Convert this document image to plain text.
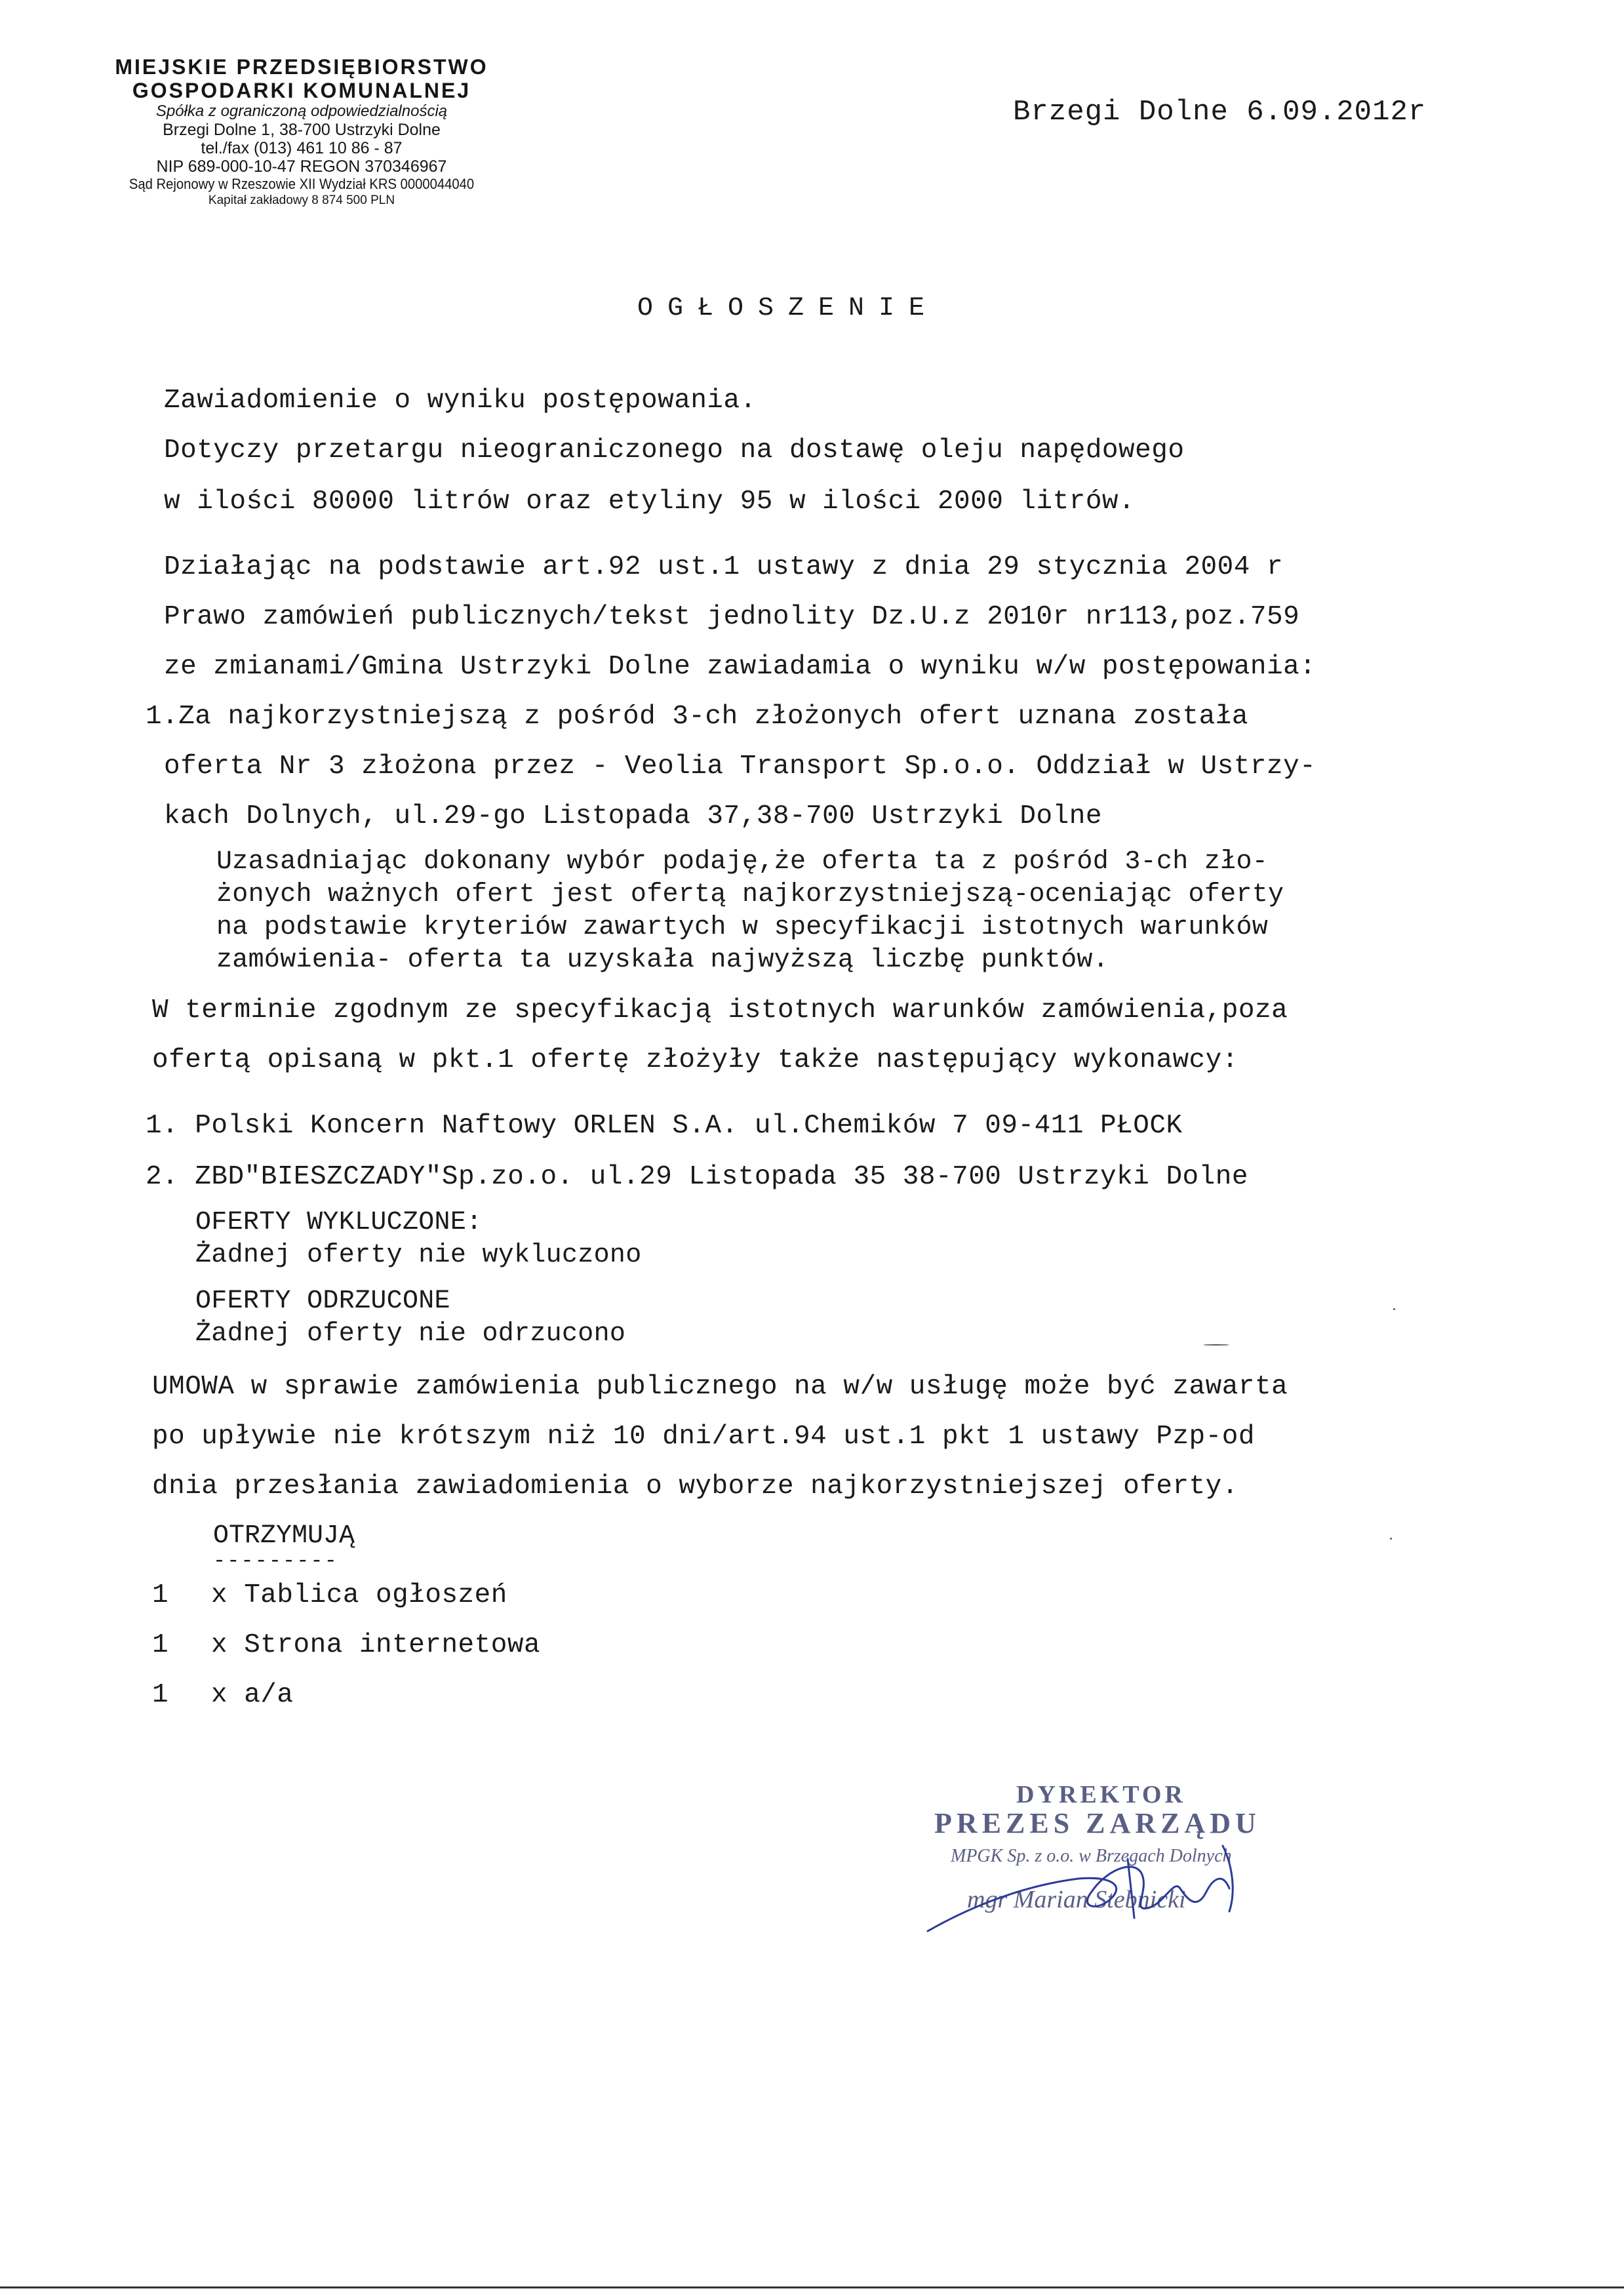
MIEJSKIE PRZEDSIĘBIORSTWO
GOSPODARKI KOMUNALNEJ
Spółka z ograniczoną odpowiedzialnością
Brzegi Dolne 1, 38-700 Ustrzyki Dolne
tel./fax (013) 461 10 86 - 87
NIP 689-000-10-47 REGON 370346967
Sąd Rejonowy w Rzeszowie XII Wydział KRS 0000044040
Kapitał zakładowy 8 874 500 PLN
Brzegi Dolne 6.09.2012r
OGŁOSZENIE
Zawiadomienie o wyniku postępowania.
Dotyczy przetargu nieograniczonego na dostawę oleju napędowego
w ilości 80000 litrów oraz etyliny 95 w ilości 2000 litrów.
Działając na podstawie art.92 ust.1 ustawy z dnia 29 stycznia 2004 r
Prawo zamówień publicznych/tekst jednolity Dz.U.z 2010r nr113,poz.759
ze zmianami/Gmina Ustrzyki Dolne zawiadamia o wyniku w/w postępowania:
1.Za najkorzystniejszą z pośród 3-ch złożonych ofert uznana została
oferta Nr 3 złożona przez - Veolia Transport Sp.o.o. Oddział w Ustrzy-
kach Dolnych, ul.29-go Listopada 37,38-700 Ustrzyki Dolne
Uzasadniając dokonany wybór podaję,że oferta ta z pośród 3-ch zło-
żonych ważnych ofert jest ofertą najkorzystniejszą-oceniając oferty
na podstawie kryteriów zawartych w specyfikacji istotnych warunków
zamówienia- oferta ta uzyskała najwyższą liczbę punktów.
W terminie zgodnym ze specyfikacją istotnych warunków zamówienia,poza
ofertą opisaną w pkt.1 ofertę złożyły także następujący wykonawcy:
1. Polski Koncern Naftowy ORLEN S.A. ul.Chemików 7 09-411 PŁOCK
2. ZBD"BIESZCZADY"Sp.zo.o. ul.29 Listopada 35 38-700 Ustrzyki Dolne
OFERTY WYKLUCZONE:
Żadnej oferty nie wykluczono
OFERTY ODRZUCONE
Żadnej oferty nie odrzucono
UMOWA w sprawie zamówienia publicznego na w/w usługę może być zawarta
po upływie nie krótszym niż 10 dni/art.94 ust.1 pkt 1 ustawy Pzp-od
dnia przesłania zawiadomienia o wyborze najkorzystniejszej oferty.
OTRZYMUJĄ
---------
1 x Tablica ogłoszeń
1 x Strona internetowa
1 x a/a
DYREKTOR
PREZES ZARZĄDU
MPGK Sp. z o.o. w Brzegach Dolnych
mgr Marian Stebnicki
